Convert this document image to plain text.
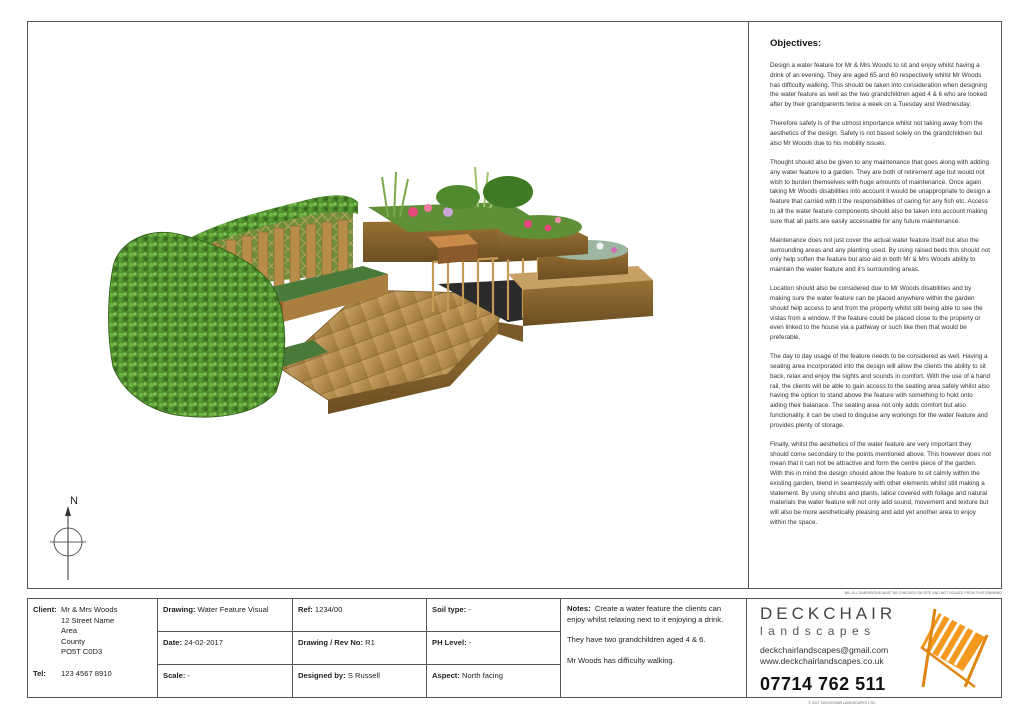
N
Objectives:

Design a water feature for Mr & Mrs Woods to sit and enjoy whilst having a drink of an evening. They are aged 65 and 60 respectively whilst Mr Woods has difficulty walking. This should be taken into consideration when designing the water feature as well as the two grandchildren aged 4 & 6 who are looked after by their grandparents twice a week on a Tuesday and Wednesday.

Therefore safety is of the utmost importance whilst not taking away from the aesthetics of the design. Safety is not based solely on the grandchildren but also Mr Woods due to his mobility issues.

Thought should also be given to any maintenance that goes along with adding any water feature to a garden. They are both of retirement age but would not wish to burden themselves with huge amounts of maintenance. Once again taking Mr Woods disabilities into account it would be unappropriate to design a feature that carried with it the responsibilities of caring for any fish etc. Access to all the water feature components should also be taken into account making sure that all parts are easily accessable for any future maintenance.

Maintenance does not just cover the actual water feature itself but also the surrounding areas and any planting used. By using raised beds this should not only help soften the feature but also aid in both Mr & Mrs Woods ability to maintain the water feature and it's surrounding areas.

Location should also be considered due to Mr Woods disabilities and by making sure the water feature can be placed anywhere within the garden should help access to and from the property whilst still being able to see the vistas from a window. If the feature could be placed close to the property or even linked to the house via a pathway or such like then that would be preferable.

The day to day usage of the feature needs to be considered as well. Having a seating area incorporated into the design will allow the clients the ability to sit back, relax and enjoy the sights and sounds in comfort. With the use of a hand rail, the clients will be able to gain access to the seating area safely whilst also having the option to stand above the feature with something to hold onto aiding their balanace. The seating area not only adds comfort but also functionality, it can be used to disguise any workings for the water feature and provides plenty of storage.

Finally, whilst the aesthetics of the water feature are very important they should come secondary to the points mentioned above. This however does not mean that it can not be attractive and form the centre piece of the garden. With this in mind the design should allow the feature to sit calmly within the existing garden, blend in seamlessly with other elements whilst still making a statement. By using shrubs and plants, latice covered with foliage and natural materials the water feature will not only add sound, movement and texture but will also be more aesthetically pleasing and add yet another area to enjoy within the space.

NB: ALL DIMENSIONS MUST BE CHECKED ON SITE AND NOT SCALED FROM THIS DRAWING
Client: Mr & Mrs Woods
12 Street Name
Area
County
PO5T C0D3
Tel:	123 4567 8910
Drawing: Water Feature Visual	Ref: 1234/00	Soil type: -
Date: 24-02-2017	Drawing / Rev No: R1	PH Level: -
Scale: -	Designed by: S Russell	Aspect: North facing

Notes: Create a water feature the clients can enjoy whilst relaxing next to it enjoying a drink.

They have two grandchildren aged 4 & 6.

Mr Woods has difficulty walking.

DECKCHAIR
landscapes
deckchairlandscapes@gmail.com
www.deckchairlandscapes.co.uk
07714 762 511
© 2017 DECKCHAIR LANDSCAPES LTD.
